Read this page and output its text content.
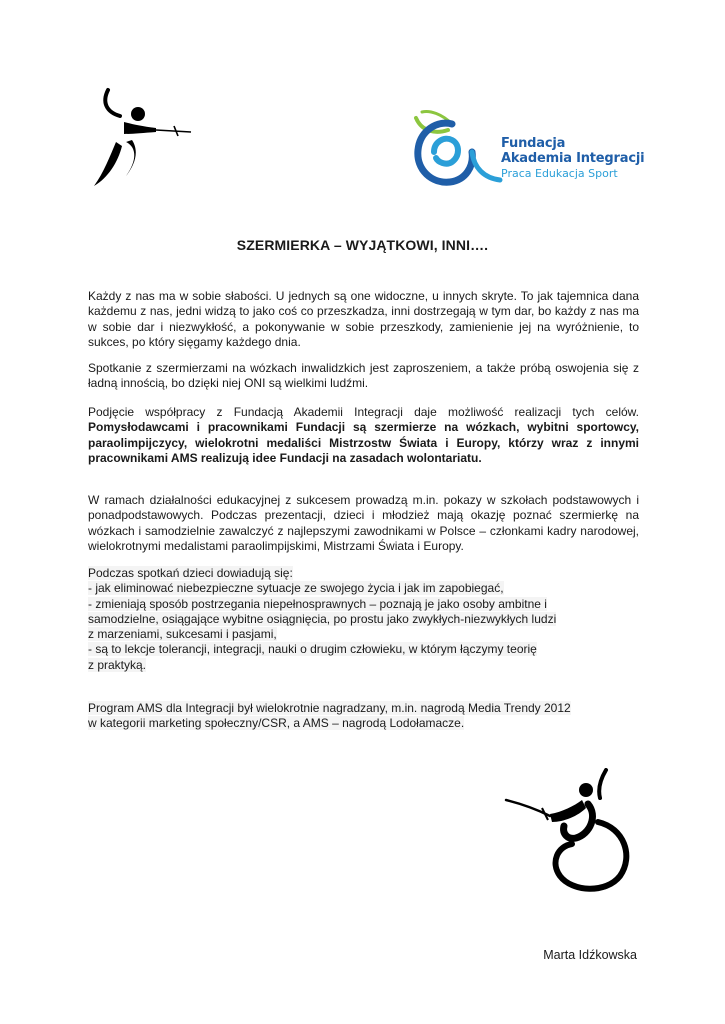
Fundacja
Akademia Integracji
Praca Edukacja Sport
SZERMIERKA – WYJĄTKOWI, INNI….

Każdy z nas ma w sobie słabości. U jednych są one widoczne, u innych skryte. To jak tajemnica dana każdemu z nas, jedni widzą to jako coś co przeszkadza, inni dostrzegają w tym dar, bo każdy z nas ma w sobie dar i niezwykłość, a pokonywanie w sobie przeszkody, zamienienie jej na wyróżnienie, to sukces, po który sięgamy każdego dnia.

Spotkanie z szermierzami na wózkach inwalidzkich jest zaproszeniem, a także próbą oswojenia się z ładną innością, bo dzięki niej ONI są wielkimi ludźmi.

Podjęcie współpracy z Fundacją Akademii Integracji daje możliwość realizacji tych celów. Pomysłodawcami i pracownikami Fundacji są szermierze na wózkach, wybitni sportowcy, paraolimpijczycy, wielokrotni medaliści Mistrzostw Świata i Europy, którzy wraz z innymi pracownikami AMS realizują idee Fundacji na zasadach wolontariatu.

W ramach działalności edukacyjnej z sukcesem prowadzą m.in. pokazy w szkołach podstawowych i ponadpodstawowych. Podczas prezentacji, dzieci i młodzież mają okazję poznać szermierkę na wózkach i samodzielnie zawalczyć z najlepszymi zawodnikami w Polsce – członkami kadry narodowej, wielokrotnymi medalistami paraolimpijskimi, Mistrzami Świata i Europy.

Podczas spotkań dzieci dowiadują się:
- jak eliminować niebezpieczne sytuacje ze swojego życia i jak im zapobiegać,
- zmieniają sposób postrzegania niepełnosprawnych – poznają je jako osoby ambitne i
samodzielne, osiągające wybitne osiągnięcia, po prostu jako zwykłych-niezwykłych ludzi
z marzeniami, sukcesami i pasjami,
- są to lekcje tolerancji, integracji, nauki o drugim człowieku, w którym łączymy teorię
z praktyką.
Program AMS dla Integracji był wielokrotnie nagradzany, m.in. nagrodą Media Trendy 2012
w kategorii marketing społeczny/CSR, a AMS – nagrodą Lodołamacze.

Marta Idźkowska
